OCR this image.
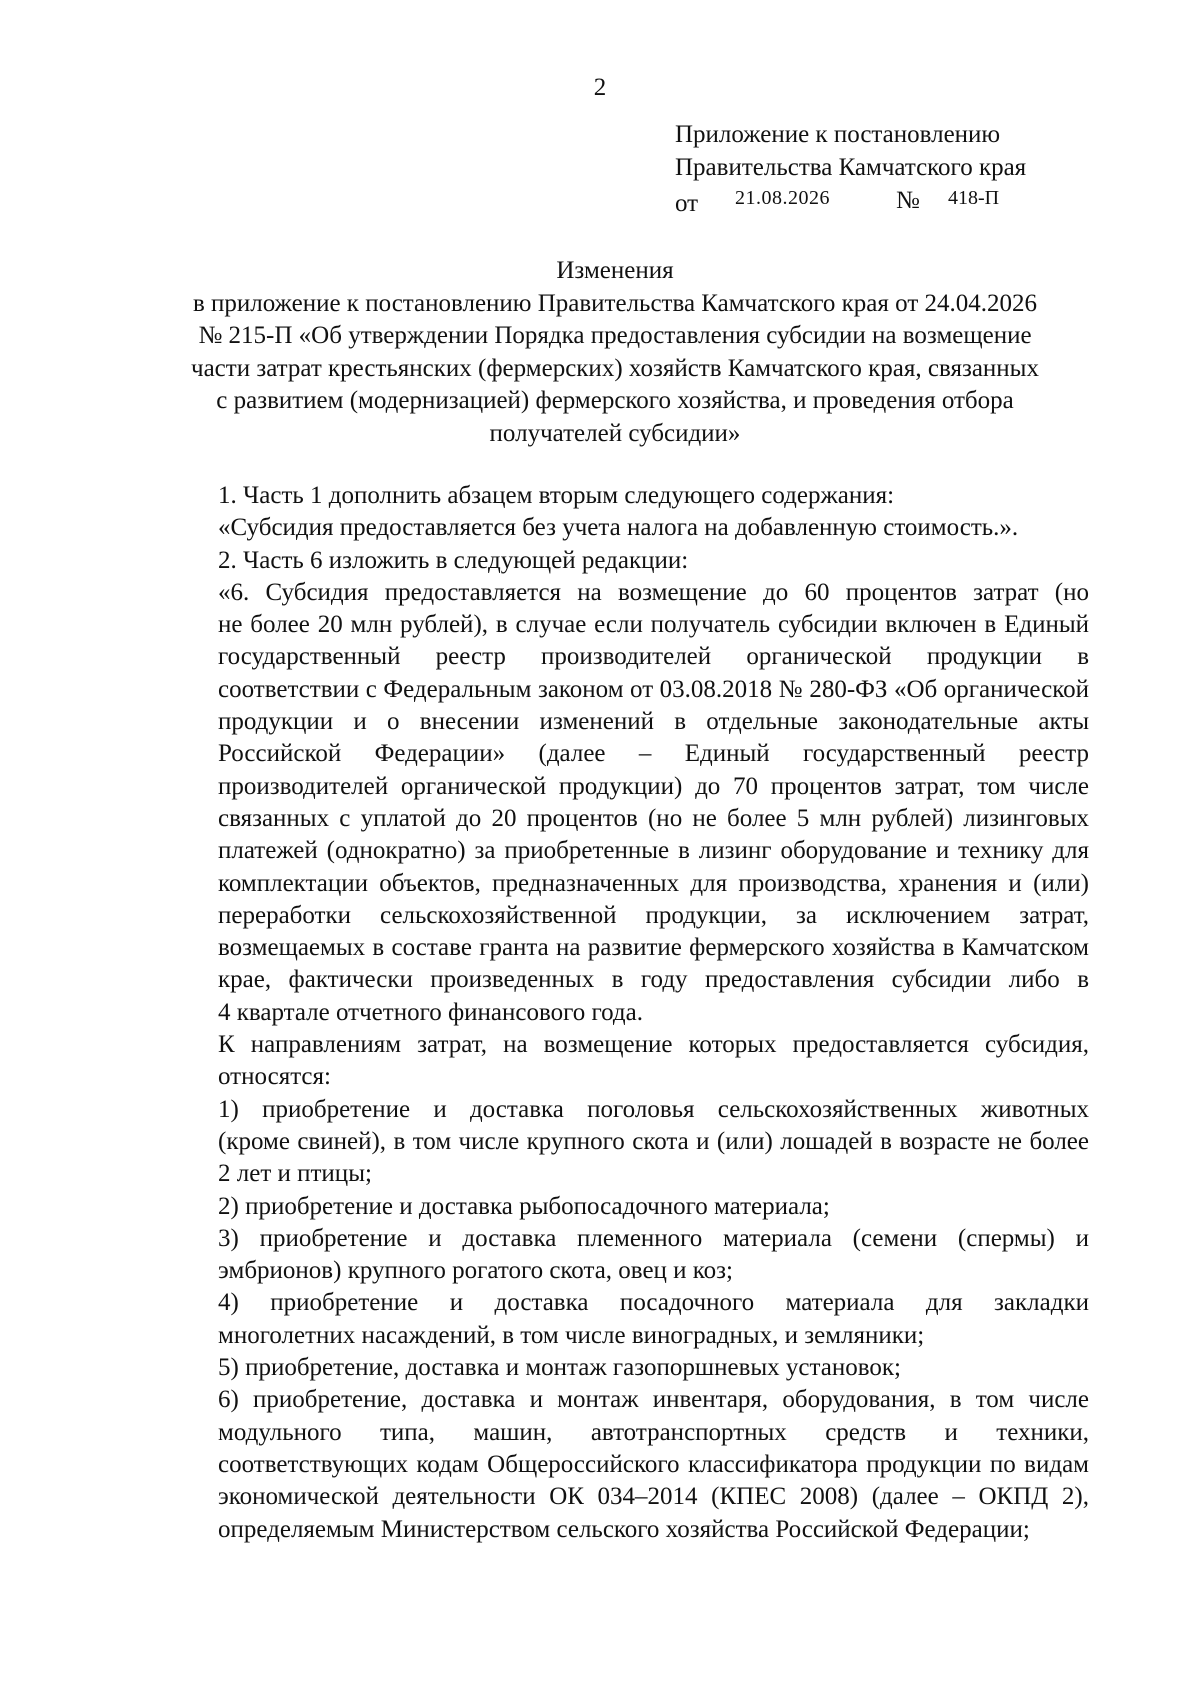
2
Приложение к постановлению
Правительства Камчатского края
от 21.08.2026	№ 418-П
Изменения
в приложение к постановлению Правительства Камчатского края от 24.04.2026
№ 215-П «Об утверждении Порядка предоставления субсидии на возмещение
части затрат крестьянских (фермерских) хозяйств Камчатского края, связанных
с развитием (модернизацией) фермерского хозяйства, и проведения отбора
получателей субсидии»
1. Часть 1 дополнить абзацем вторым следующего содержания:
«Субсидия предоставляется без учета налога на добавленную стоимость.».
2. Часть 6 изложить в следующей редакции:
«6. Субсидия предоставляется на возмещение до 60 процентов затрат (но
не более 20 млн рублей), в случае если получатель субсидии включен в Единый
государственный реестр производителей органической продукции в
соответствии с Федеральным законом от 03.08.2018 № 280-ФЗ «Об органической
продукции и о внесении изменений в отдельные законодательные акты
Российской Федерации» (далее – Единый государственный реестр
производителей органической продукции) до 70 процентов затрат, том числе
связанных с уплатой до 20 процентов (но не более 5 млн рублей) лизинговых
платежей (однократно) за приобретенные в лизинг оборудование и технику для
комплектации объектов, предназначенных для производства, хранения и (или)
переработки сельскохозяйственной продукции, за исключением затрат,
возмещаемых в составе гранта на развитие фермерского хозяйства в Камчатском
крае, фактически произведенных в году предоставления субсидии либо в
4 квартале отчетного финансового года.
К направлениям затрат, на возмещение которых предоставляется субсидия,
относятся:
1) приобретение и доставка поголовья сельскохозяйственных животных
(кроме свиней), в том числе крупного скота и (или) лошадей в возрасте не более
2 лет и птицы;
2) приобретение и доставка рыбопосадочного материала;
3) приобретение и доставка племенного материала (семени (спермы) и
эмбрионов) крупного рогатого скота, овец и коз;
4) приобретение и доставка посадочного материала для закладки
многолетних насаждений, в том числе виноградных, и земляники;
5) приобретение, доставка и монтаж газопоршневых установок;
6) приобретение, доставка и монтаж инвентаря, оборудования, в том числе
модульного типа, машин, автотранспортных средств и техники,
соответствующих кодам Общероссийского классификатора продукции по видам
экономической деятельности ОК 034–2014 (КПЕС 2008) (далее – ОКПД 2),
определяемым Министерством сельского хозяйства Российской Федерации;
